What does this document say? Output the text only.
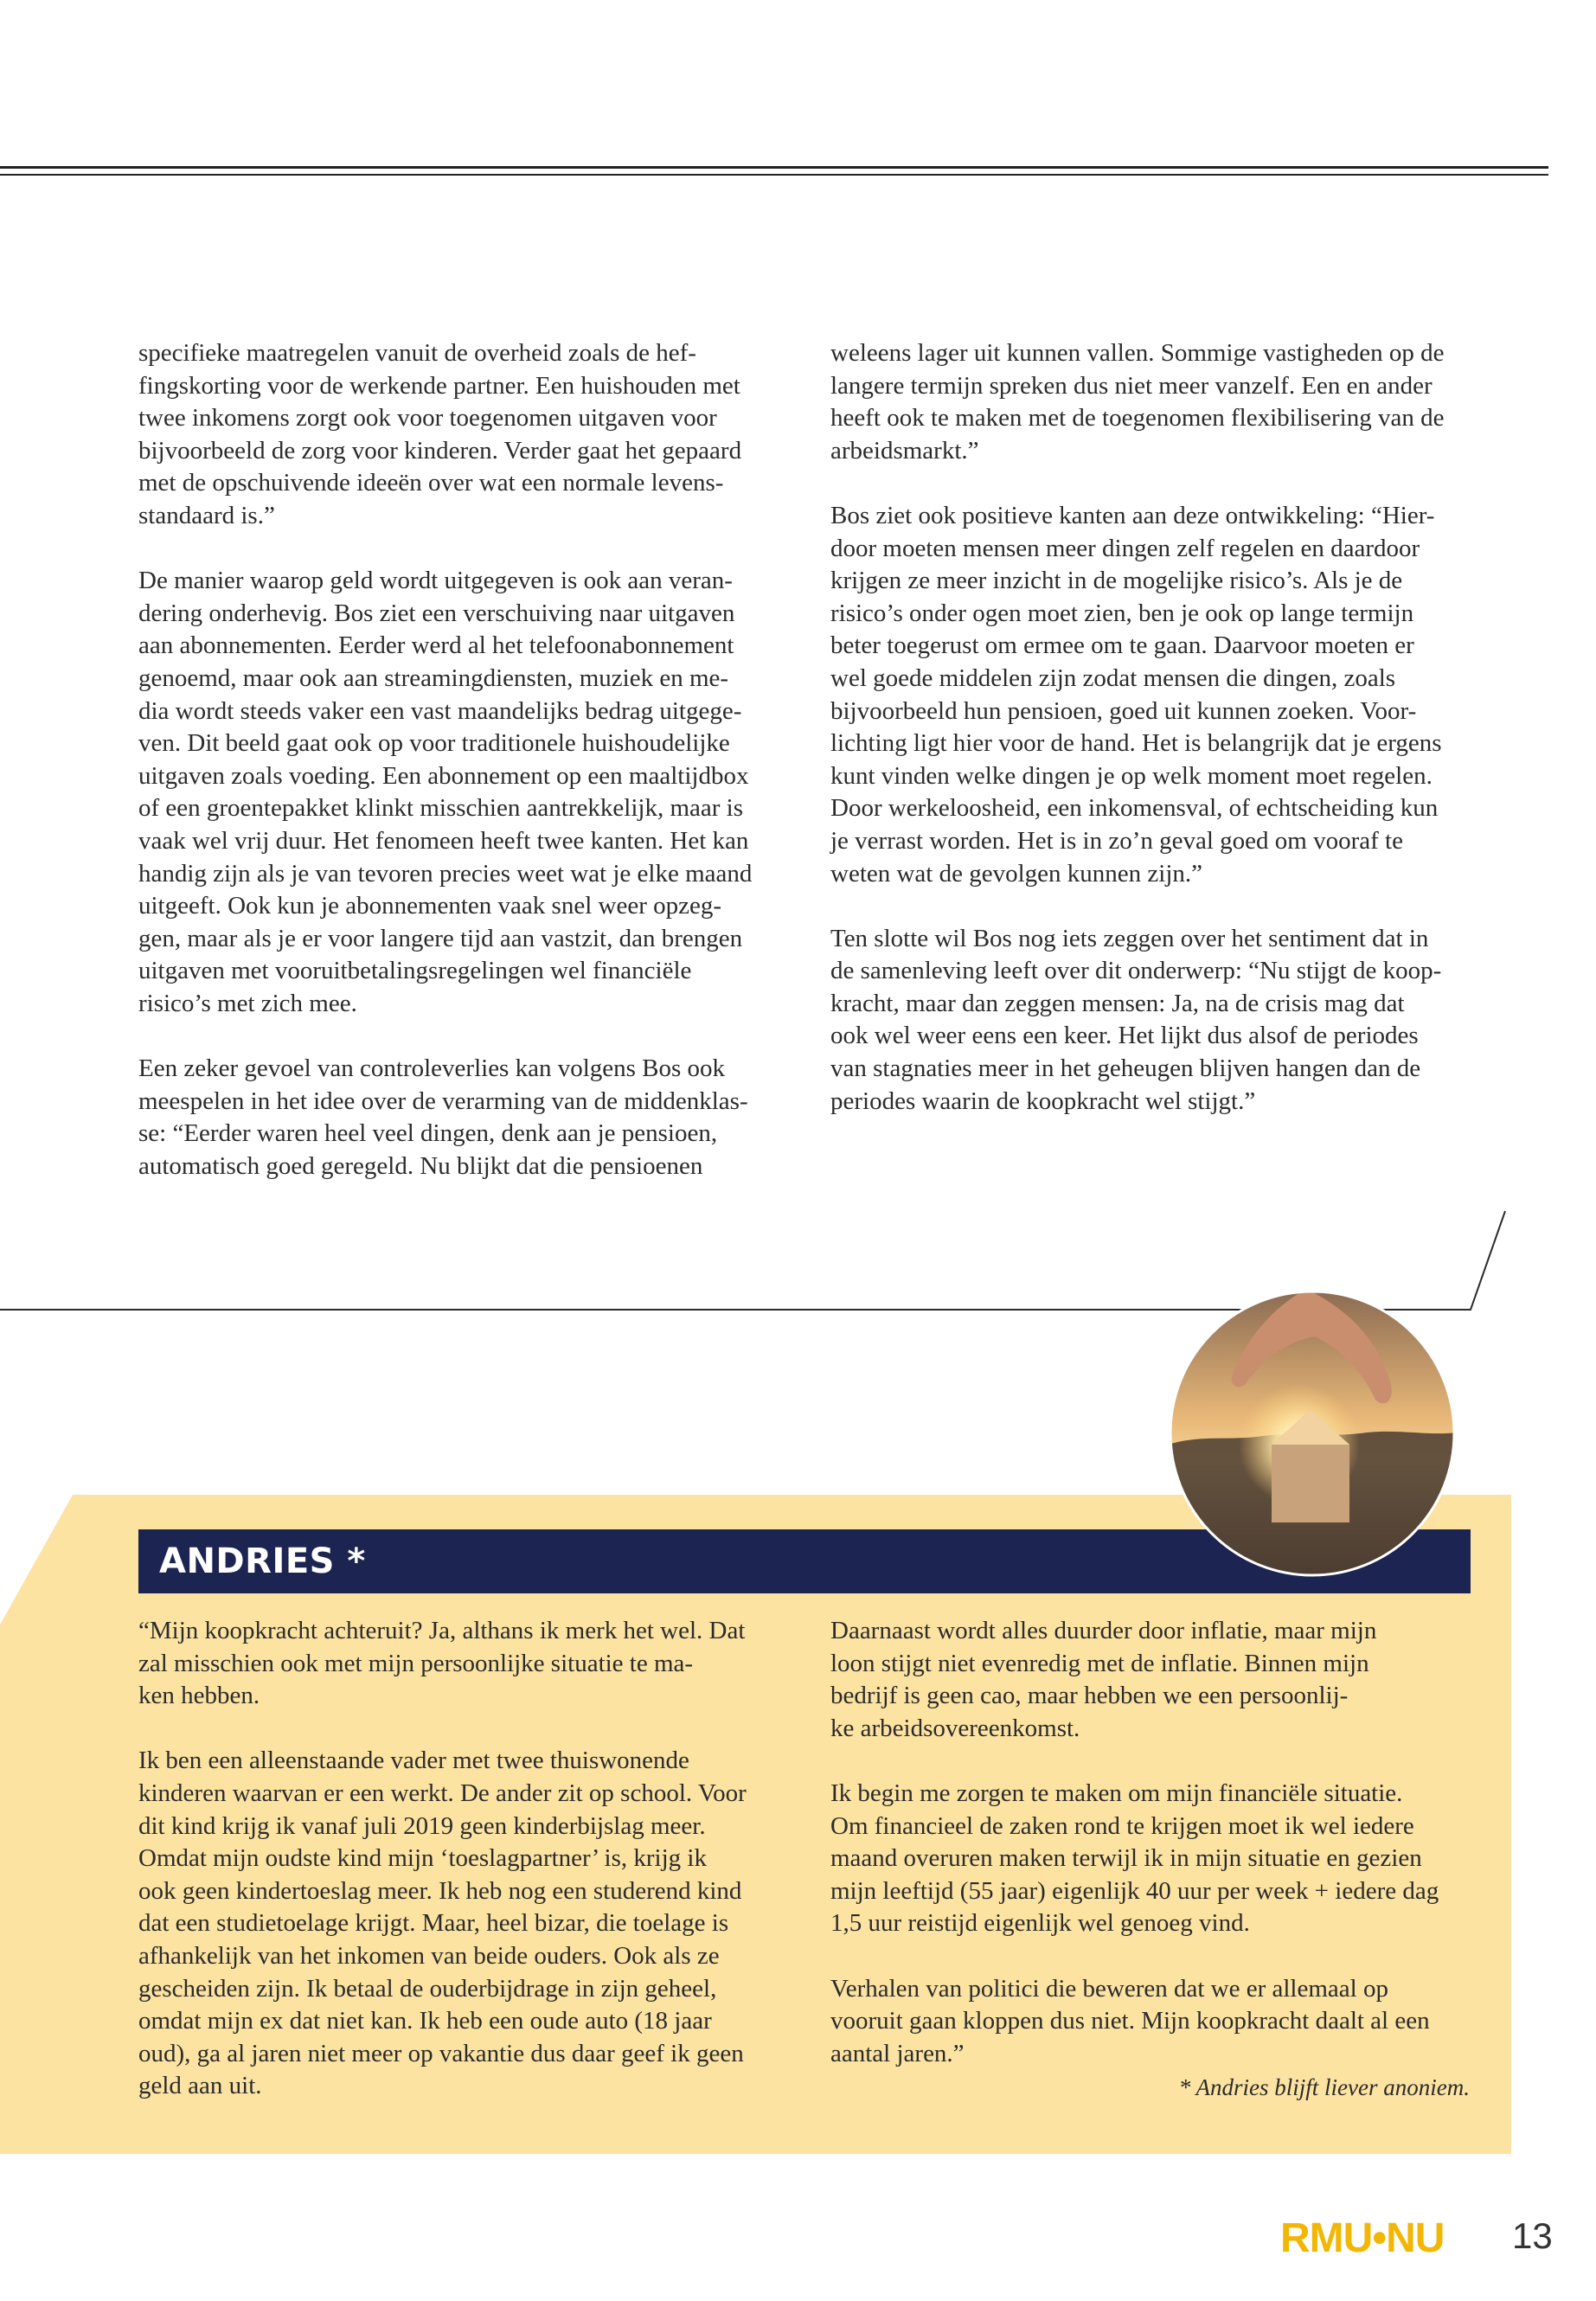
specifieke maatregelen vanuit de overheid zoals de hef-
fingskorting voor de werkende partner. Een huishouden met
twee inkomens zorgt ook voor toegenomen uitgaven voor
bijvoorbeeld de zorg voor kinderen. Verder gaat het gepaard
met de opschuivende ideeën over wat een normale levens-
standaard is.”

De manier waarop geld wordt uitgegeven is ook aan veran-
dering onderhevig. Bos ziet een verschuiving naar uitgaven
aan abonnementen. Eerder werd al het telefoonabonnement
genoemd, maar ook aan streamingdiensten, muziek en me-
dia wordt steeds vaker een vast maandelijks bedrag uitgege-
ven. Dit beeld gaat ook op voor traditionele huishoudelijke
uitgaven zoals voeding. Een abonnement op een maaltijdbox
of een groentepakket klinkt misschien aantrekkelijk, maar is
vaak wel vrij duur. Het fenomeen heeft twee kanten. Het kan
handig zijn als je van tevoren precies weet wat je elke maand
uitgeeft. Ook kun je abonnementen vaak snel weer opzeg-
gen, maar als je er voor langere tijd aan vastzit, dan brengen
uitgaven met vooruitbetalingsregelingen wel financiële
risico’s met zich mee.

Een zeker gevoel van controleverlies kan volgens Bos ook
meespelen in het idee over de verarming van de middenklas-
se: “Eerder waren heel veel dingen, denk aan je pensioen,
automatisch goed geregeld. Nu blijkt dat die pensioenen

weleens lager uit kunnen vallen. Sommige vastigheden op de
langere termijn spreken dus niet meer vanzelf. Een en ander
heeft ook te maken met de toegenomen flexibilisering van de
arbeidsmarkt.”

Bos ziet ook positieve kanten aan deze ontwikkeling: “Hier-
door moeten mensen meer dingen zelf regelen en daardoor
krijgen ze meer inzicht in de mogelijke risico’s. Als je de
risico’s onder ogen moet zien, ben je ook op lange termijn
beter toegerust om ermee om te gaan. Daarvoor moeten er
wel goede middelen zijn zodat mensen die dingen, zoals
bijvoorbeeld hun pensioen, goed uit kunnen zoeken. Voor-
lichting ligt hier voor de hand. Het is belangrijk dat je ergens
kunt vinden welke dingen je op welk moment moet regelen.
Door werkeloosheid, een inkomensval, of echtscheiding kun
je verrast worden. Het is in zo’n geval goed om vooraf te
weten wat de gevolgen kunnen zijn.”

Ten slotte wil Bos nog iets zeggen over het sentiment dat in
de samenleving leeft over dit onderwerp: “Nu stijgt de koop-
kracht, maar dan zeggen mensen: Ja, na de crisis mag dat
ook wel weer eens een keer. Het lijkt dus alsof de periodes
van stagnaties meer in het geheugen blijven hangen dan de
periodes waarin de koopkracht wel stijgt.”

ANDRIES *

“Mijn koopkracht achteruit? Ja, althans ik merk het wel. Dat
zal misschien ook met mijn persoonlijke situatie te ma-
ken hebben.

Ik ben een alleenstaande vader met twee thuiswonende
kinderen waarvan er een werkt. De ander zit op school. Voor
dit kind krijg ik vanaf juli 2019 geen kinderbijslag meer.
Omdat mijn oudste kind mijn ‘toeslagpartner’ is, krijg ik
ook geen kindertoeslag meer. Ik heb nog een studerend kind
dat een studietoelage krijgt. Maar, heel bizar, die toelage is
afhankelijk van het inkomen van beide ouders. Ook als ze
gescheiden zijn. Ik betaal de ouderbijdrage in zijn geheel,
omdat mijn ex dat niet kan. Ik heb een oude auto (18 jaar
oud), ga al jaren niet meer op vakantie dus daar geef ik geen
geld aan uit.

Daarnaast wordt alles duurder door inflatie, maar mijn
loon stijgt niet evenredig met de inflatie. Binnen mijn
bedrijf is geen cao, maar hebben we een persoonlij-
ke arbeidsovereenkomst.

Ik begin me zorgen te maken om mijn financiële situatie.
Om financieel de zaken rond te krijgen moet ik wel iedere
maand overuren maken terwijl ik in mijn situatie en gezien
mijn leeftijd (55 jaar) eigenlijk 40 uur per week + iedere dag
1,5 uur reistijd eigenlijk wel genoeg vind.

Verhalen van politici die beweren dat we er allemaal op
vooruit gaan kloppen dus niet. Mijn koopkracht daalt al een
aantal jaren.”

* Andries blijft liever anoniem.
RMU•NU 13
